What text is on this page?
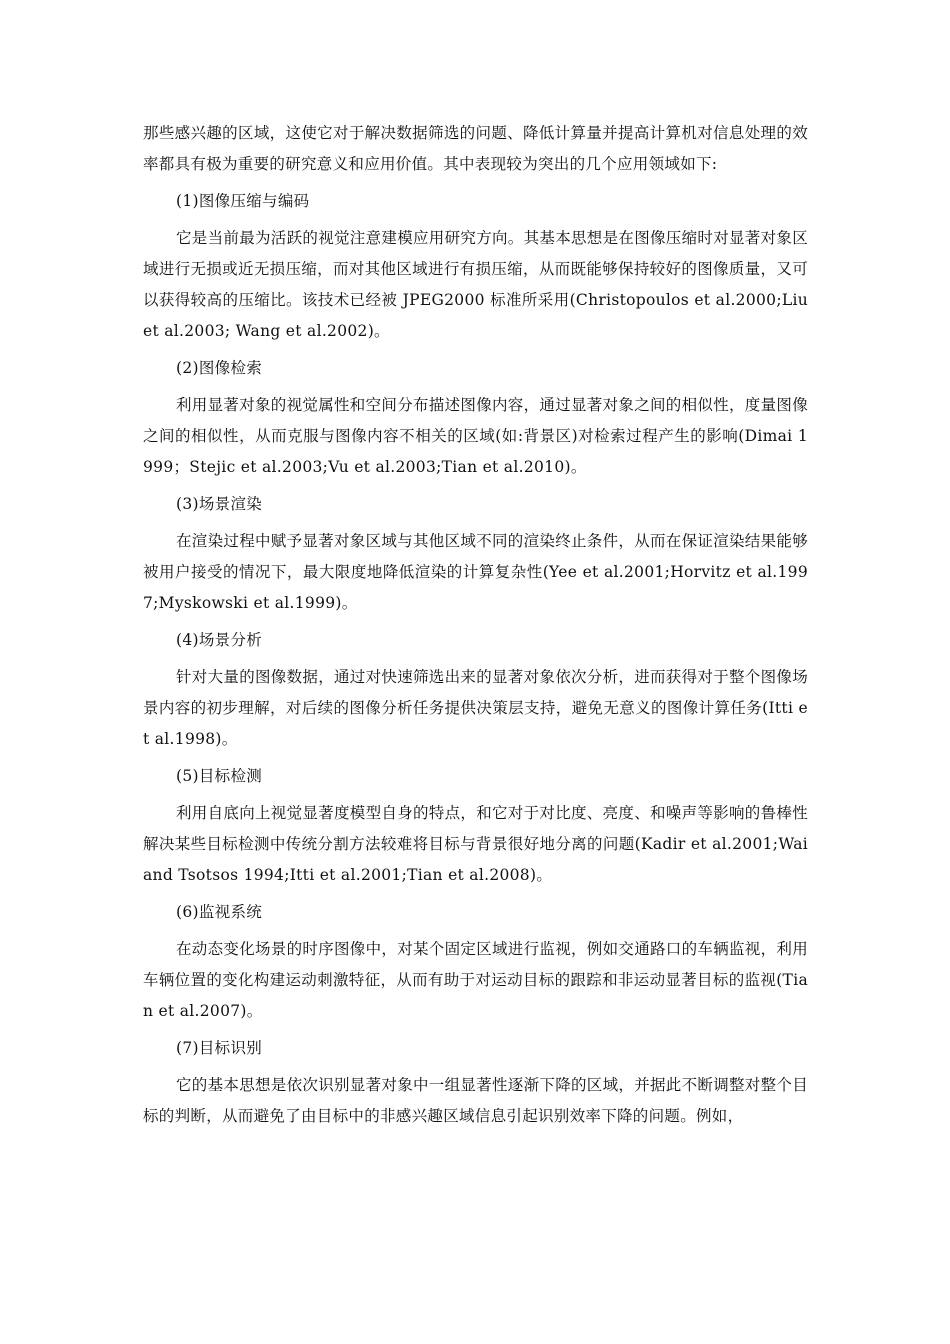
那些感兴趣的区域，这使它对于解决数据筛选的问题、降低计算量并提高计算机对信息处理的效率都具有极为重要的研究意义和应用价值。其中表现较为突出的几个应用领域如下:

(1)图像压缩与编码

它是当前最为活跃的视觉注意建模应用研究方向。其基本思想是在图像压缩时对显著对象区域进行无损或近无损压缩，而对其他区域进行有损压缩，从而既能够保持较好的图像质量，又可以获得较高的压缩比。该技术已经被 JPEG2000 标准所采用(Christopoulos et al.2000;Liu et al.2003; Wang et al.2002)。

(2)图像检索

利用显著对象的视觉属性和空间分布描述图像内容，通过显著对象之间的相似性，度量图像之间的相似性，从而克服与图像内容不相关的区域(如:背景区)对检索过程产生的影响(Dimai 1999；Stejic et al.2003;Vu et al.2003;Tian et al.2010)。

(3)场景渲染

在渲染过程中赋予显著对象区域与其他区域不同的渲染终止条件，从而在保证渲染结果能够被用户接受的情况下，最大限度地降低渲染的计算复杂性(Yee et al.2001;Horvitz et al.1997;Myskowski et al.1999)。

(4)场景分析

针对大量的图像数据，通过对快速筛选出来的显著对象依次分析，进而获得对于整个图像场景内容的初步理解，对后续的图像分析任务提供决策层支持，避免无意义的图像计算任务(Itti et al.1998)。

(5)目标检测

利用自底向上视觉显著度模型自身的特点，和它对于对比度、亮度、和噪声等影响的鲁棒性解决某些目标检测中传统分割方法较难将目标与背景很好地分离的问题(Kadir et al.2001;Wai and Tsotsos 1994;Itti et al.2001;Tian et al.2008)。

(6)监视系统

在动态变化场景的时序图像中，对某个固定区域进行监视，例如交通路口的车辆监视，利用车辆位置的变化构建运动刺激特征，从而有助于对运动目标的跟踪和非运动显著目标的监视(Tian et al.2007)。

(7)目标识别

它的基本思想是依次识别显著对象中一组显著性逐渐下降的区域，并据此不断调整对整个目标的判断，从而避免了由目标中的非感兴趣区域信息引起识别效率下降的问题。例如，
